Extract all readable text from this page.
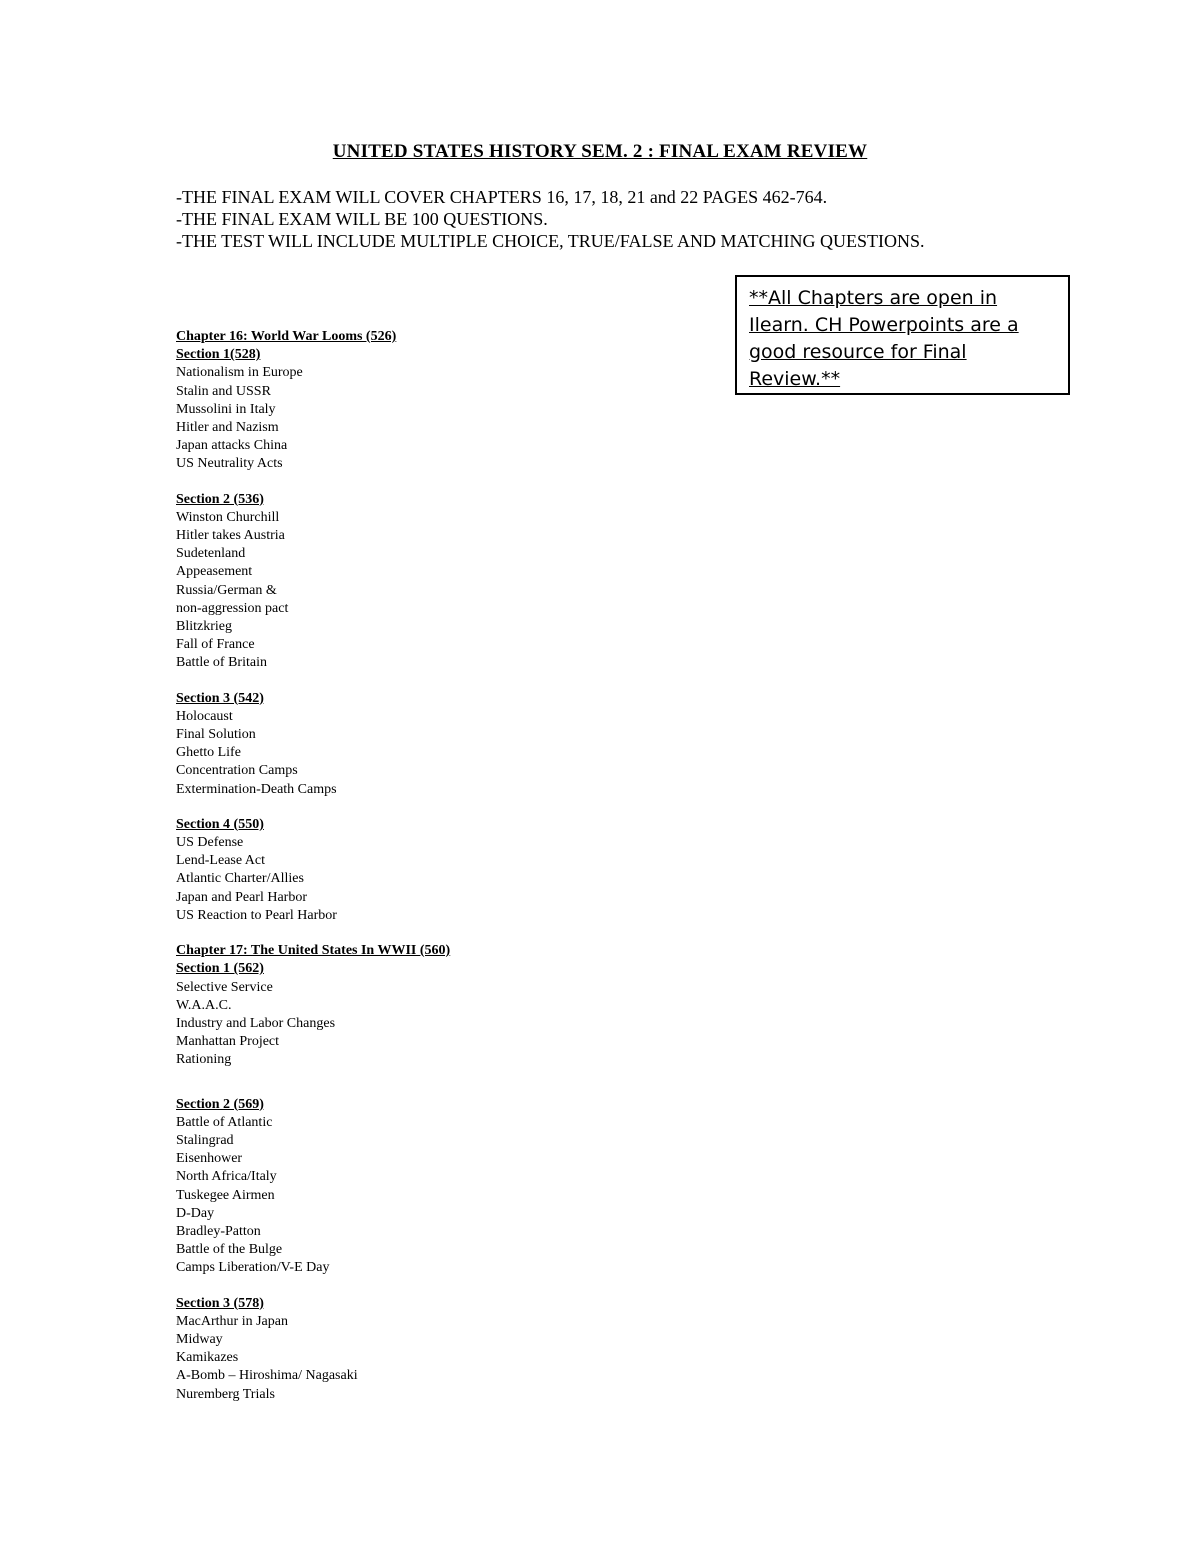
UNITED STATES HISTORY SEM. 2 : FINAL EXAM REVIEW
-THE FINAL EXAM WILL COVER CHAPTERS 16, 17, 18, 21 and 22 PAGES 462-764.
-THE FINAL EXAM WILL BE 100 QUESTIONS.
-THE TEST WILL INCLUDE MULTIPLE CHOICE, TRUE/FALSE AND MATCHING QUESTIONS.
**All Chapters are open in Ilearn. CH Powerpoints are a good resource for Final Review.**
Chapter 16: World War Looms (526)
Section 1(528)
Nationalism in Europe
Stalin and USSR
Mussolini in Italy
Hitler and Nazism
Japan attacks China
US Neutrality Acts
Section 2 (536)
Winston Churchill
Hitler takes Austria
Sudetenland
Appeasement
Russia/German &
non-aggression pact
Blitzkrieg
Fall of France
Battle of Britain
Section 3 (542)
Holocaust
Final Solution
Ghetto Life
Concentration Camps
Extermination-Death Camps
Section 4 (550)
US Defense
Lend-Lease Act
Atlantic Charter/Allies
Japan and Pearl Harbor
US Reaction to Pearl Harbor
Chapter 17: The United States In WWII (560)
Section 1 (562)
Selective Service
W.A.A.C.
Industry and Labor Changes
Manhattan Project
Rationing
Section 2 (569)
Battle of Atlantic
Stalingrad
Eisenhower
North Africa/Italy
Tuskegee Airmen
D-Day
Bradley-Patton
Battle of the Bulge
Camps Liberation/V-E Day
Section 3 (578)
MacArthur in Japan
Midway
Kamikazes
A-Bomb – Hiroshima/ Nagasaki
Nuremberg Trials
